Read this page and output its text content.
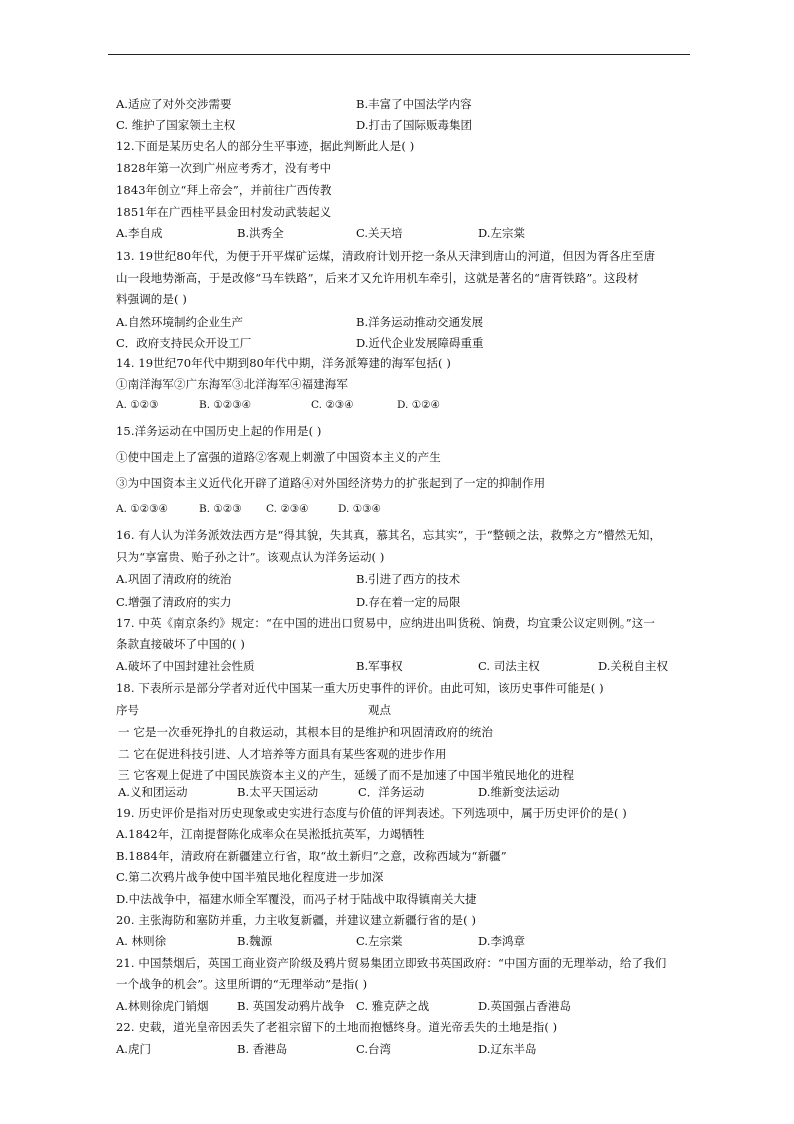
A.适应了对外交涉需要	B.丰富了中国法学内容
C. 维护了国家领土主权	D.打击了国际贩毒集团
12.下面是某历史名人的部分生平事迹，据此判断此人是( )
1828年第一次到广州应考秀才，没有考中
1843年创立“拜上帝会”，并前往广西传教
1851年在广西桂平县金田村发动武装起义
A.李自成	B.洪秀全	C.关天培	D.左宗棠
13. 19世纪80年代，为便于开平煤矿运煤，清政府计划开挖一条从天津到唐山的河道，但因为胥各庄至唐
山一段地势渐高，于是改修“马车铁路”，后来才又允许用机车牵引，这就是著名的“唐胥铁路”。这段材
料强调的是( )
A.自然环境制约企业生产	B.洋务运动推动交通发展
C．政府支持民众开设工厂	D.近代企业发展障碍重重
14. 19世纪70年代中期到80年代中期，洋务派筹建的海军包括( )
①南洋海军②广东海军③北洋海军④福建海军
A. ①②③	B. ①②③④	C. ②③④	D. ①②④
15.洋务运动在中国历史上起的作用是( )
①使中国走上了富强的道路②客观上刺激了中国资本主义的产生
③为中国资本主义近代化开辟了道路④对外国经济势力的扩张起到了一定的抑制作用
A. ①②③④	B. ①②③ C. ②③④	D. ①③④
16. 有人认为洋务派效法西方是“得其貌，失其真，慕其名，忘其实”，于“整顿之法，救弊之方”懵然无知，
只为“享富贵、贻子孙之计”。该观点认为洋务运动( )
A.巩固了清政府的统治	B.引进了西方的技术
C.增强了清政府的实力	D.存在着一定的局限
17. 中英《南京条约》规定：“在中国的进出口贸易中，应纳进出叫货税、饷费，均宜秉公议定则例。”这一
条款直接破坏了中国的( )
A.破坏了中国封建社会性质	B.军事权	C. 司法主权	D.关税自主权
18. 下表所示是部分学者对近代中国某一重大历史事件的评价。由此可知，该历史事件可能是( )
序号	观点
一 它是一次垂死挣扎的自救运动，其根本目的是维护和巩固清政府的统治
二 它在促进科技引进、人才培养等方面具有某些客观的进步作用
三 它客观上促进了中国民族资本主义的产生，延缓了而不是加速了中国半殖民地化的进程
A.义和团运动	B.太平天国运动	C．洋务运动	D.维新变法运动
19. 历史评价是指对历史现象或史实进行态度与价值的评判表述。下列选项中，属于历史评价的是( )
A.1842年，江南提督陈化成率众在吴淞抵抗英军，力竭牺牲
B.1884年，清政府在新疆建立行省，取“故土新归”之意，改称西域为“新疆”
C.第二次鸦片战争使中国半殖民地化程度进一步加深
D.中法战争中，福建水师全军覆没，而冯子材于陆战中取得镇南关大捷
20. 主张海防和塞防并重，力主收复新疆，并建议建立新疆行省的是( )
A. 林则徐	B.魏源	C.左宗棠	D.李鸿章
21. 中国禁烟后，英国工商业资产阶级及鸦片贸易集团立即致书英国政府：“中国方面的无理举动，给了我们
一个战争的机会”。这里所谓的“无理举动”是指( )
A.林则徐虎门销烟 B. 英国发动鸦片战争 C. 雅克萨之战	D.英国强占香港岛
22. 史载，道光皇帝因丢失了老祖宗留下的土地而抱憾终身。道光帝丢失的土地是指( )
A.虎门	B. 香港岛	C.台湾	D.辽东半岛
